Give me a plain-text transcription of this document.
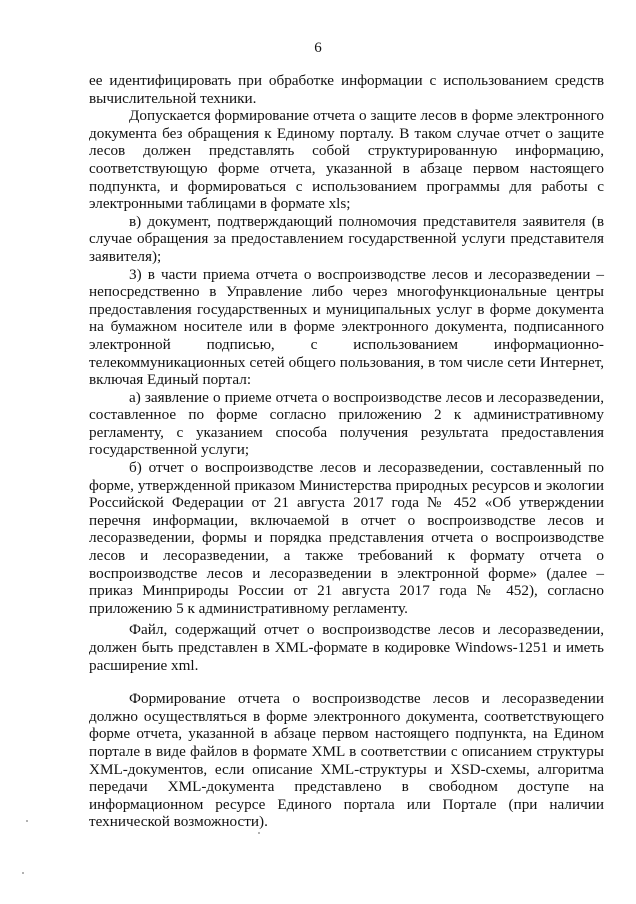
6

ее идентифицировать при обработке информации с использованием средств вычислительной техники.

Допускается формирование отчета о защите лесов в форме электронного документа без обращения к Единому порталу. В таком случае отчет о защите лесов должен представлять собой структурированную информацию, соответствующую форме отчета, указанной в абзаце первом настоящего подпункта, и формироваться с использованием программы для работы с электронными таблицами в формате xls;

в) документ, подтверждающий полномочия представителя заявителя (в случае обращения за предоставлением государственной услуги представителя заявителя);

3) в части приема отчета о воспроизводстве лесов и лесоразведении – непосредственно в Управление либо через многофункциональные центры предоставления государственных и муниципальных услуг в форме документа на бумажном носителе или в форме электронного документа, подписанного электронной подписью, с использованием информационно-телекоммуникационных сетей общего пользования, в том числе сети Интернет, включая Единый портал:

а) заявление о приеме отчета о воспроизводстве лесов и лесоразведении, составленное по форме согласно приложению 2 к административному регламенту, с указанием способа получения результата предоставления государственной услуги;

б) отчет о воспроизводстве лесов и лесоразведении, составленный по форме, утвержденной приказом Министерства природных ресурсов и экологии Российской Федерации от 21 августа 2017 года № 452 «Об утверждении перечня информации, включаемой в отчет о воспроизводстве лесов и лесоразведении, формы и порядка представления отчета о воспроизводстве лесов и лесоразведении, а также требований к формату отчета о воспроизводстве лесов и лесоразведении в электронной форме» (далее – приказ Минприроды России от 21 августа 2017 года № 452), согласно приложению 5 к административному регламенту.

Файл, содержащий отчет о воспроизводстве лесов и лесоразведении, должен быть представлен в XML-формате в кодировке Windows-1251 и иметь расширение xml.

Формирование отчета о воспроизводстве лесов и лесоразведении должно осуществляться в форме электронного документа, соответствующего форме отчета, указанной в абзаце первом настоящего подпункта, на Едином портале в виде файлов в формате XML в соответствии с описанием структуры XML-документов, если описание XML-структуры и XSD-схемы, алгоритма передачи XML-документа представлено в свободном доступе на информационном ресурсе Единого портала или Портале (при наличии технической возможности).
